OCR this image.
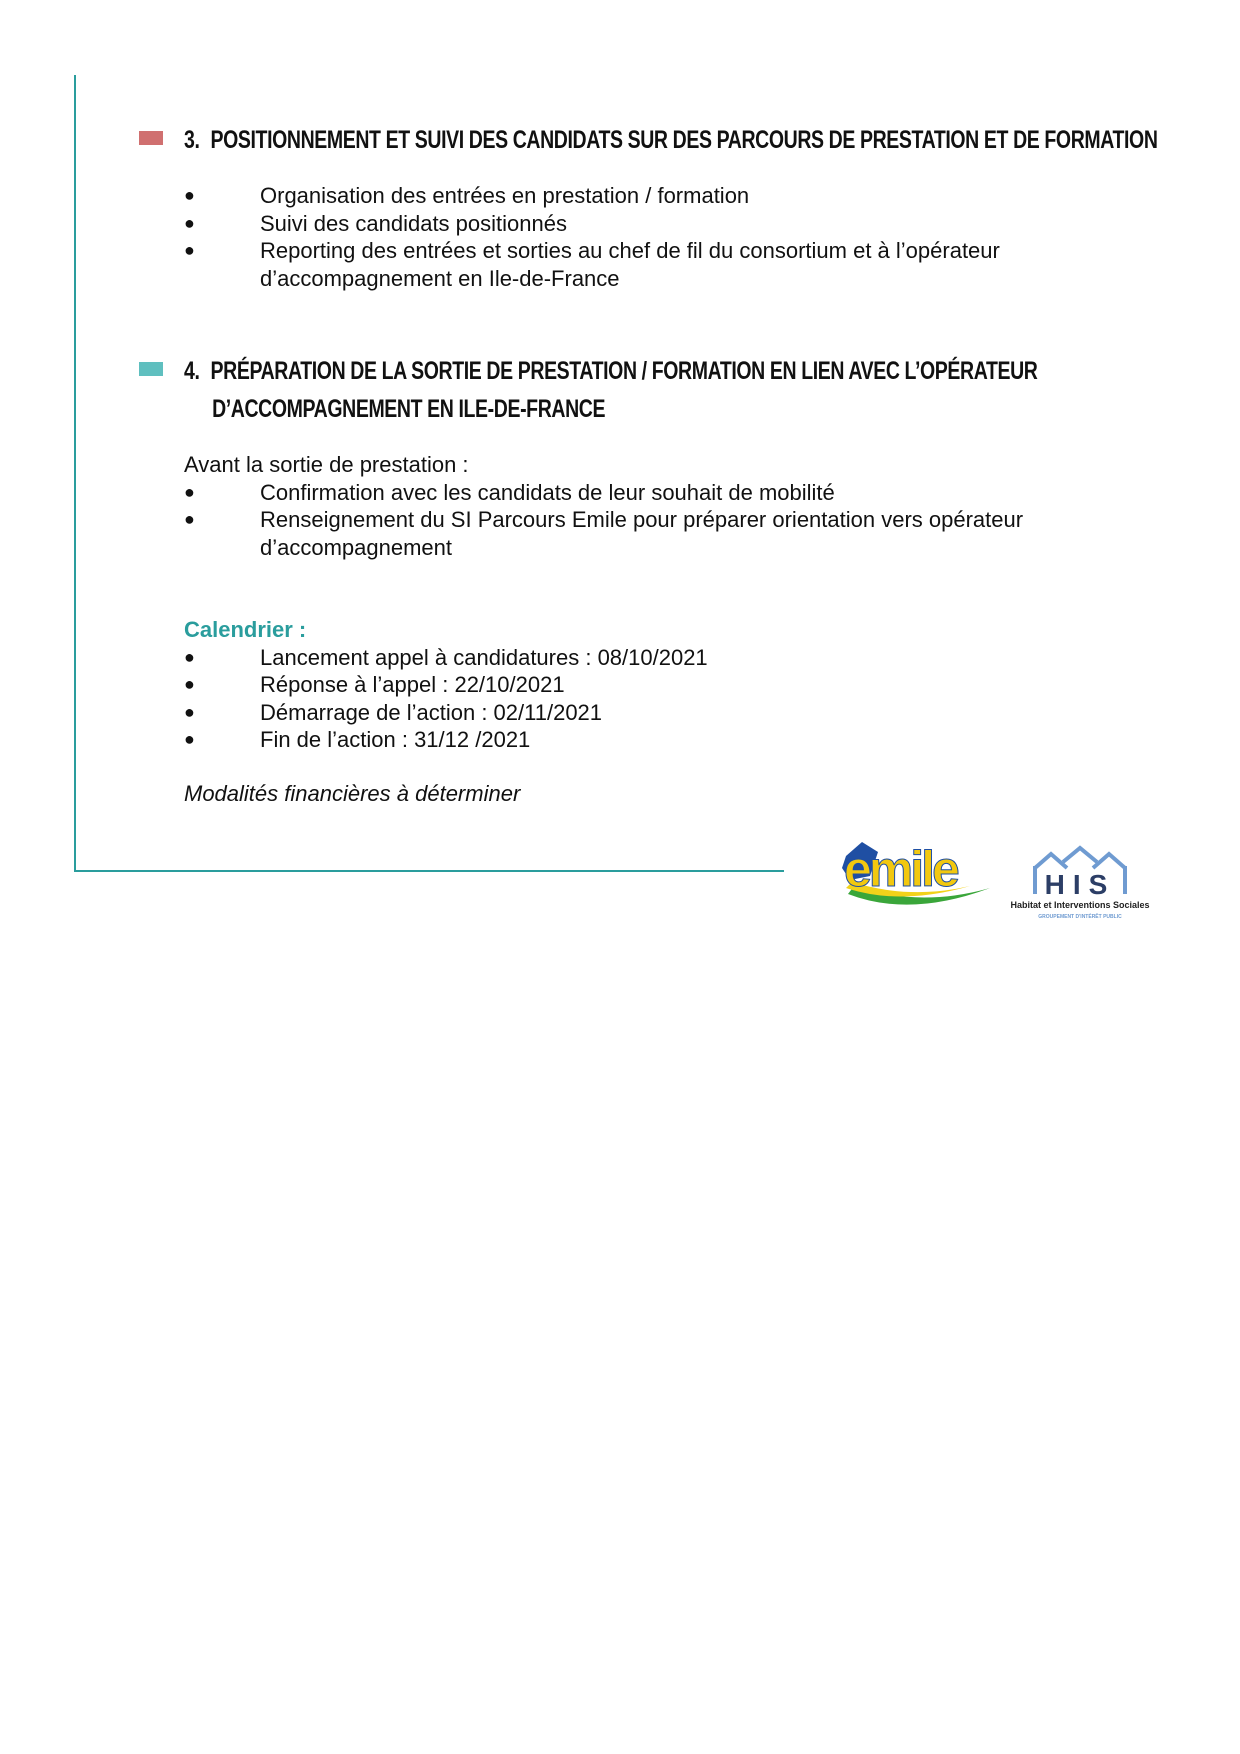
3. POSITIONNEMENT ET SUIVI DES CANDIDATS SUR DES PARCOURS DE PRESTATION ET DE FORMATION
●	Organisation des entrées en prestation / formation
●	Suivi des candidats positionnés
●	Reporting des entrées et sorties au chef de fil du consortium et à l’opérateur d’accompagnement en Ile-de-France
4. PRÉPARATION DE LA SORTIE DE PRESTATION / FORMATION EN LIEN AVEC L’OPÉRATEUR
D’ACCOMPAGNEMENT EN ILE-DE-FRANCE

Avant la sortie de prestation :

●	Confirmation avec les candidats de leur souhait de mobilité
●	Renseignement du SI Parcours Emile pour préparer orientation vers opérateur d’accompagnement

Calendrier :

●	Lancement appel à candidatures : 08/10/2021
●	Réponse à l’appel : 22/10/2021
●	Démarrage de l’action : 02/11/2021
●	Fin de l’action : 31/12 /2021

Modalités financières à déterminer

emile	HIS
Habitat et Interventions Sociales
GROUPEMENT D'INTÉRÊT PUBLIC
